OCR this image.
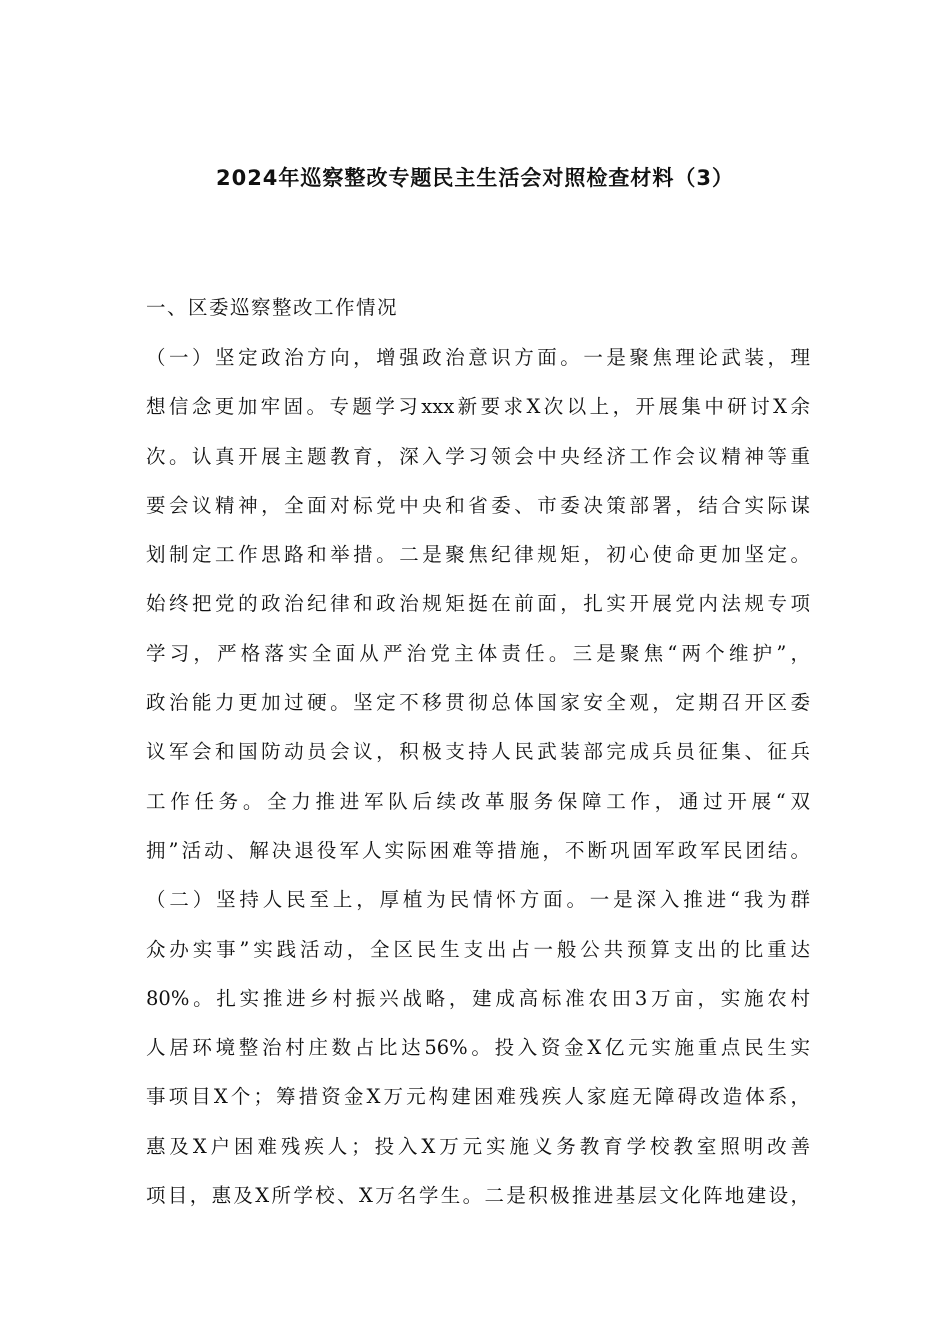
2024年巡察整改专题民主生活会对照检查材料（3）
一、区委巡察整改工作情况

（一）坚定政治方向，增强政治意识方面。一是聚焦理论武装，理
想信念更加牢固。专题学习xxx新要求X次以上，开展集中研讨X余
次。认真开展主题教育，深入学习领会中央经济工作会议精神等重
要会议精神，全面对标党中央和省委、市委决策部署，结合实际谋
划制定工作思路和举措。二是聚焦纪律规矩，初心使命更加坚定。
始终把党的政治纪律和政治规矩挺在前面，扎实开展党内法规专项
学习，严格落实全面从严治党主体责任。三是聚焦“两个维护”，
政治能力更加过硬。坚定不移贯彻总体国家安全观，定期召开区委
议军会和国防动员会议，积极支持人民武装部完成兵员征集、征兵
工作任务。全力推进军队后续改革服务保障工作，通过开展“双
拥”活动、解决退役军人实际困难等措施，不断巩固军政军民团结。

（二）坚持人民至上，厚植为民情怀方面。一是深入推进“我为群
众办实事”实践活动，全区民生支出占一般公共预算支出的比重达
80%。扎实推进乡村振兴战略，建成高标准农田3万亩，实施农村
人居环境整治村庄数占比达56%。投入资金X亿元实施重点民生实
事项目X个；筹措资金X万元构建困难残疾人家庭无障碍改造体系，
惠及X户困难残疾人；投入X万元实施义务教育学校教室照明改善
项目，惠及X所学校、X万名学生。二是积极推进基层文化阵地建设，
